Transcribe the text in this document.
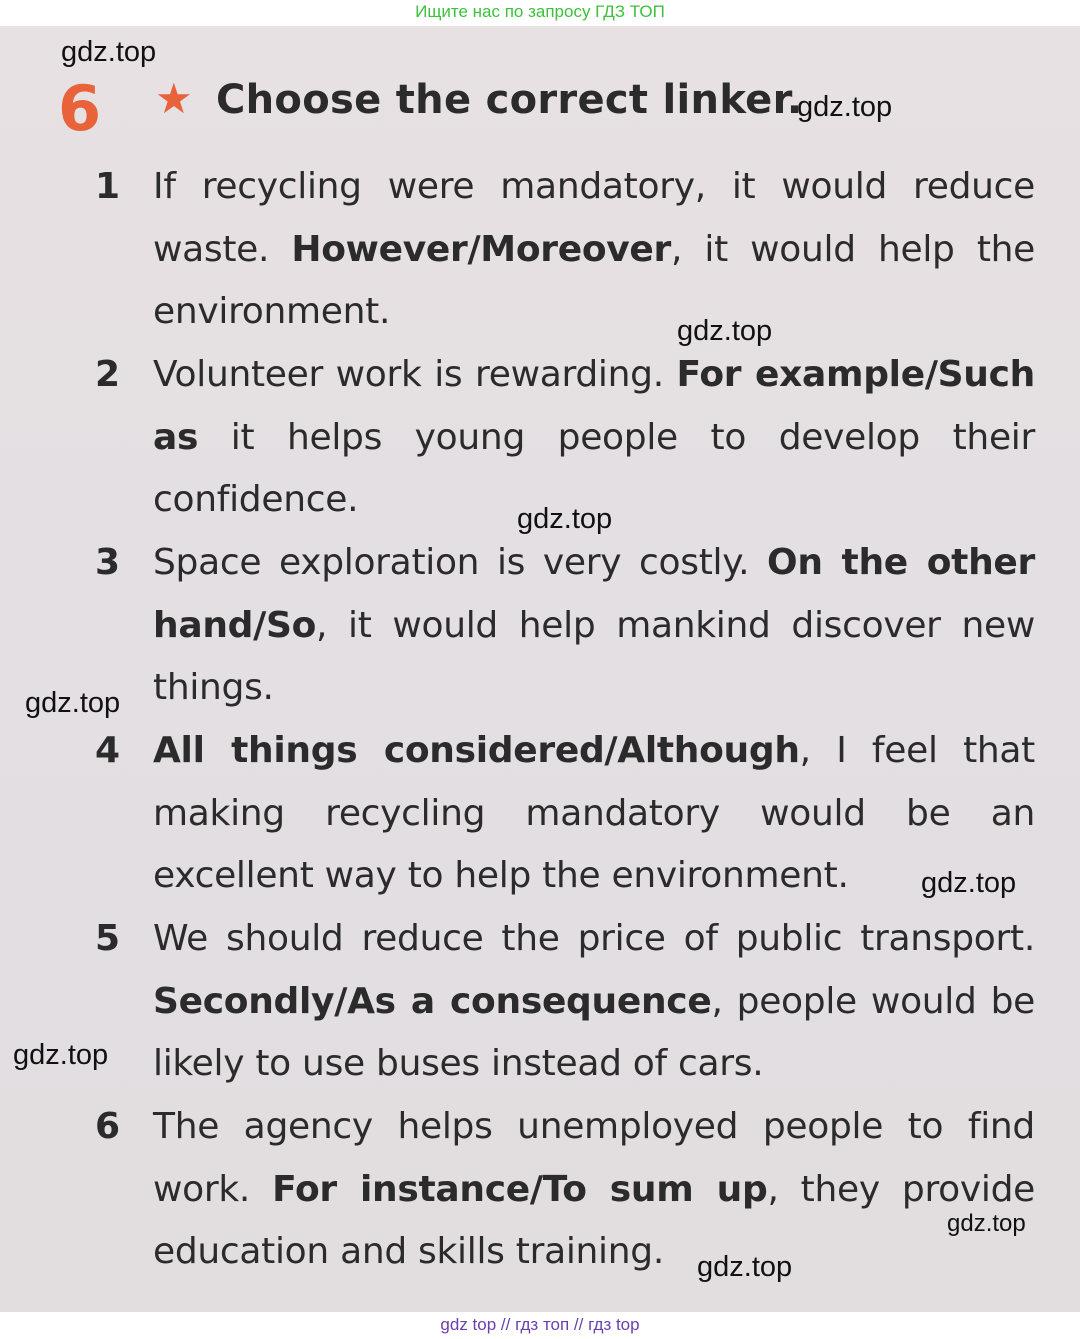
Ищите нас по запросу ГДЗ ТОП
6 ★ Choose the correct linker.
1 If recycling were mandatory, it would reduce waste. However/Moreover, it would help the environment.
2 Volunteer work is rewarding. For example/Such as it helps young people to develop their confidence.
3 Space exploration is very costly. On the other hand/So, it would help mankind discover new things.
4 All things considered/Although, I feel that making recycling mandatory would be an excellent way to help the environment.
5 We should reduce the price of public transport. Secondly/As a consequence, people would be likely to use buses instead of cars.
6 The agency helps unemployed people to find work. For instance/To sum up, they provide education and skills training.
gdz.top
gdz.top
gdz.top
gdz.top
gdz.top
gdz.top
gdz.top
gdz.top
gdz.top
gdz top // гдз топ // гдз top
